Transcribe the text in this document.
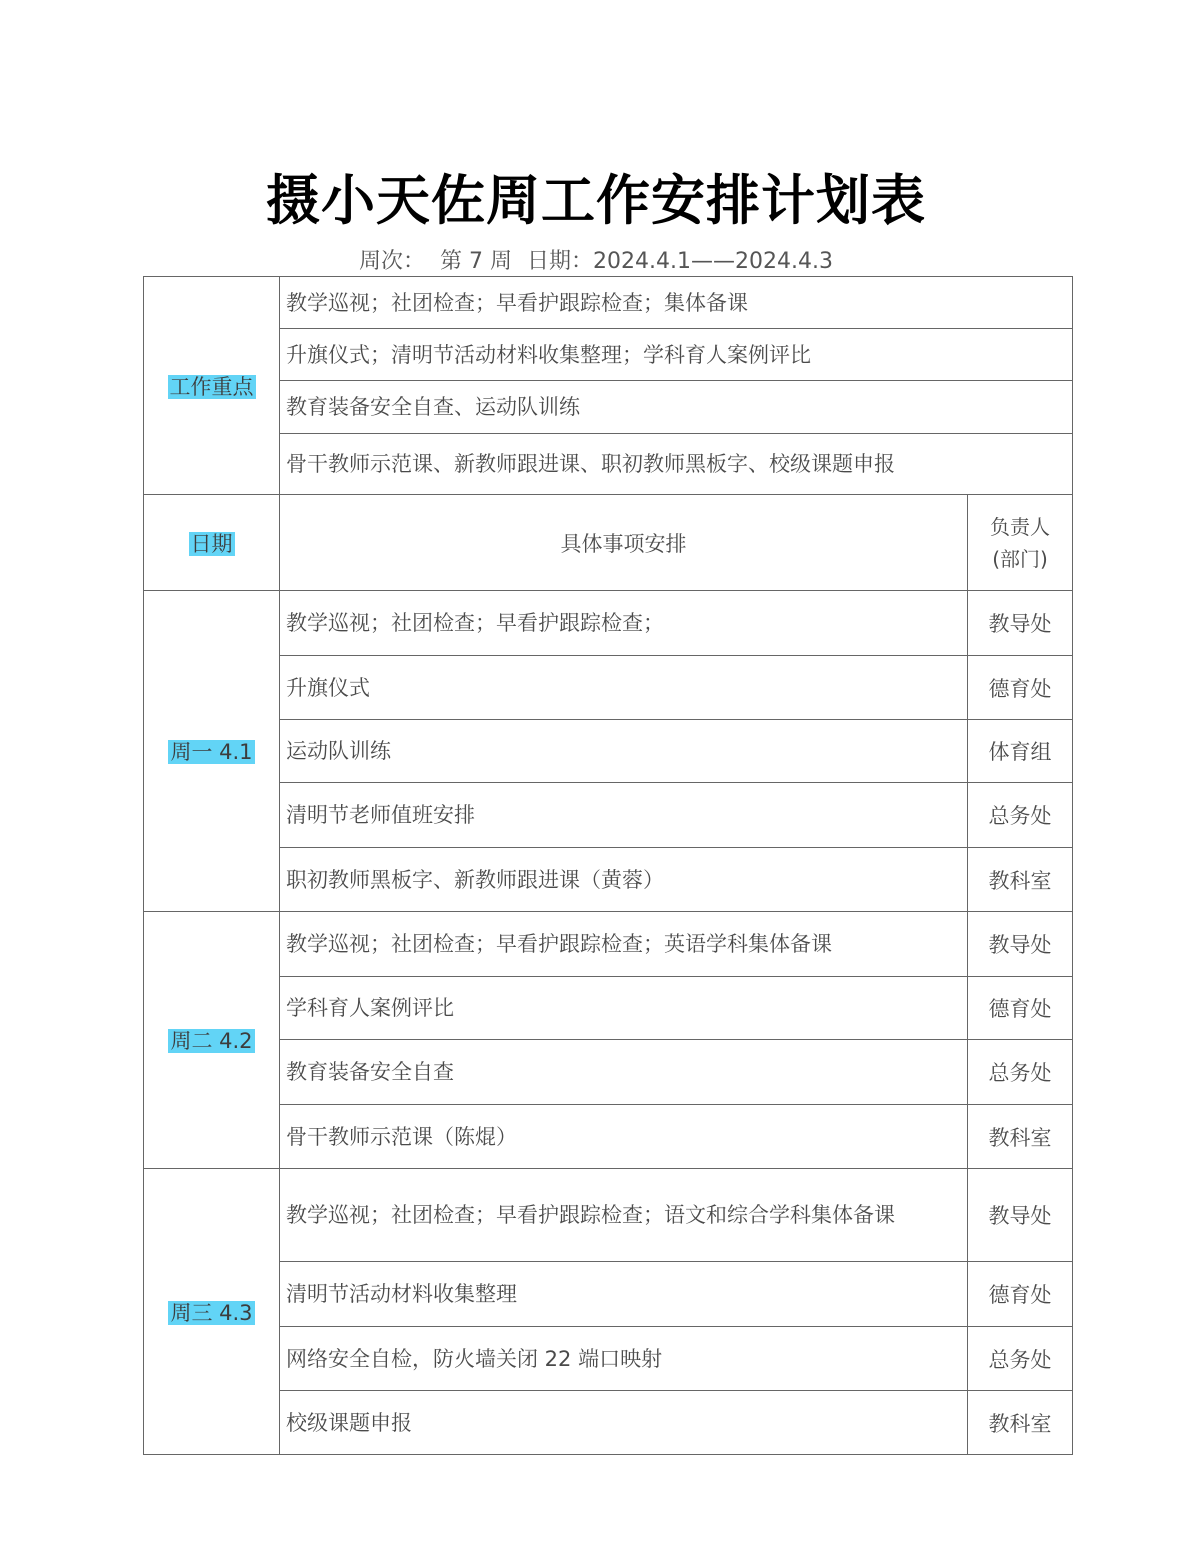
摄小天佐周工作安排计划表
周次： 第 7 周 日期：2024.4.1——2024.4.3
工作重点	教学巡视；社团检查；早看护跟踪检查；集体备课	
	升旗仪式；清明节活动材料收集整理；学科育人案例评比	
	教育装备安全自查、运动队训练	
	骨干教师示范课、新教师跟进课、职初教师黑板字、校级课题申报	
日期	具体事项安排	负责人
(部门)

周一 4.1	教学巡视；社团检查；早看护跟踪检查；	教导处
	升旗仪式	德育处
	运动队训练	体育组
	清明节老师值班安排	总务处
	职初教师黑板字、新教师跟进课（黄蓉）	教科室
周二 4.2	教学巡视；社团检查；早看护跟踪检查；英语学科集体备课	教导处
	学科育人案例评比	德育处
	教育装备安全自查	总务处
	骨干教师示范课（陈焜）	教科室
周三 4.3	教学巡视；社团检查；早看护跟踪检查；语文和综合学科集体备课	教导处
	清明节活动材料收集整理	德育处
	网络安全自检，防火墙关闭 22 端口映射	总务处
	校级课题申报	教科室
